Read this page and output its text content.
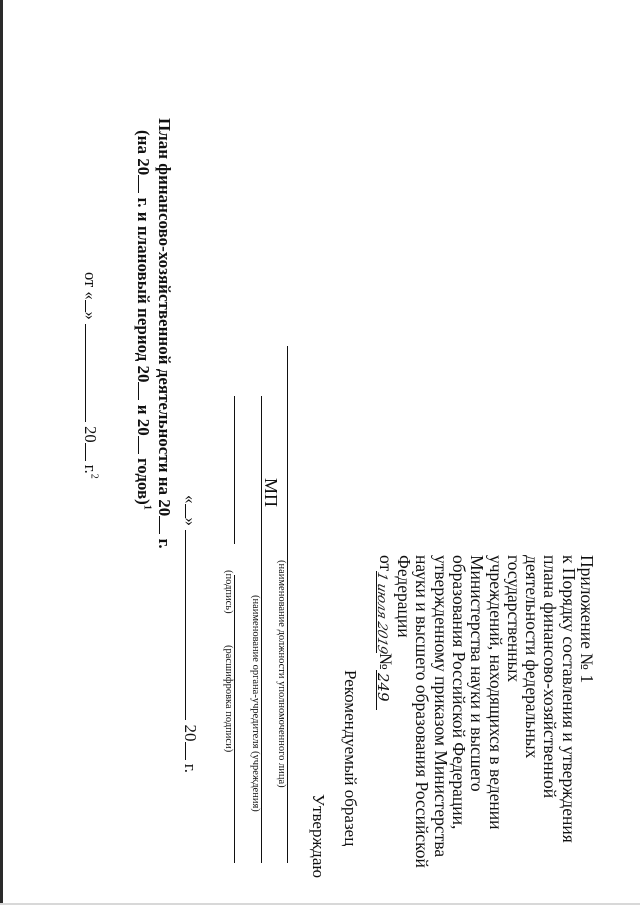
Приложение № 1
к Порядку составления и утверждения
плана финансово-хозяйственной
деятельности федеральных
государственных
учреждений, находящихся в ведении
Министерства науки и высшего
образования Российской Федерации,
утвержденному приказом Министерства
науки и высшего образования Российской
Федерации
от
1 июля 2019
№
249
Рекомендуемый образец
Утверждаю
(наименование должности уполномоченного лица)
(наименование органа-учредителя (учреждения)
(подпись)
(расшифровка подписи)
МП
«»  20 г.
План финансово-хозяйственной деятельности на 20 г.
(на 20 г. и плановый период 20 и 20 годов)$^1$
от «»  20 г.$^2$
